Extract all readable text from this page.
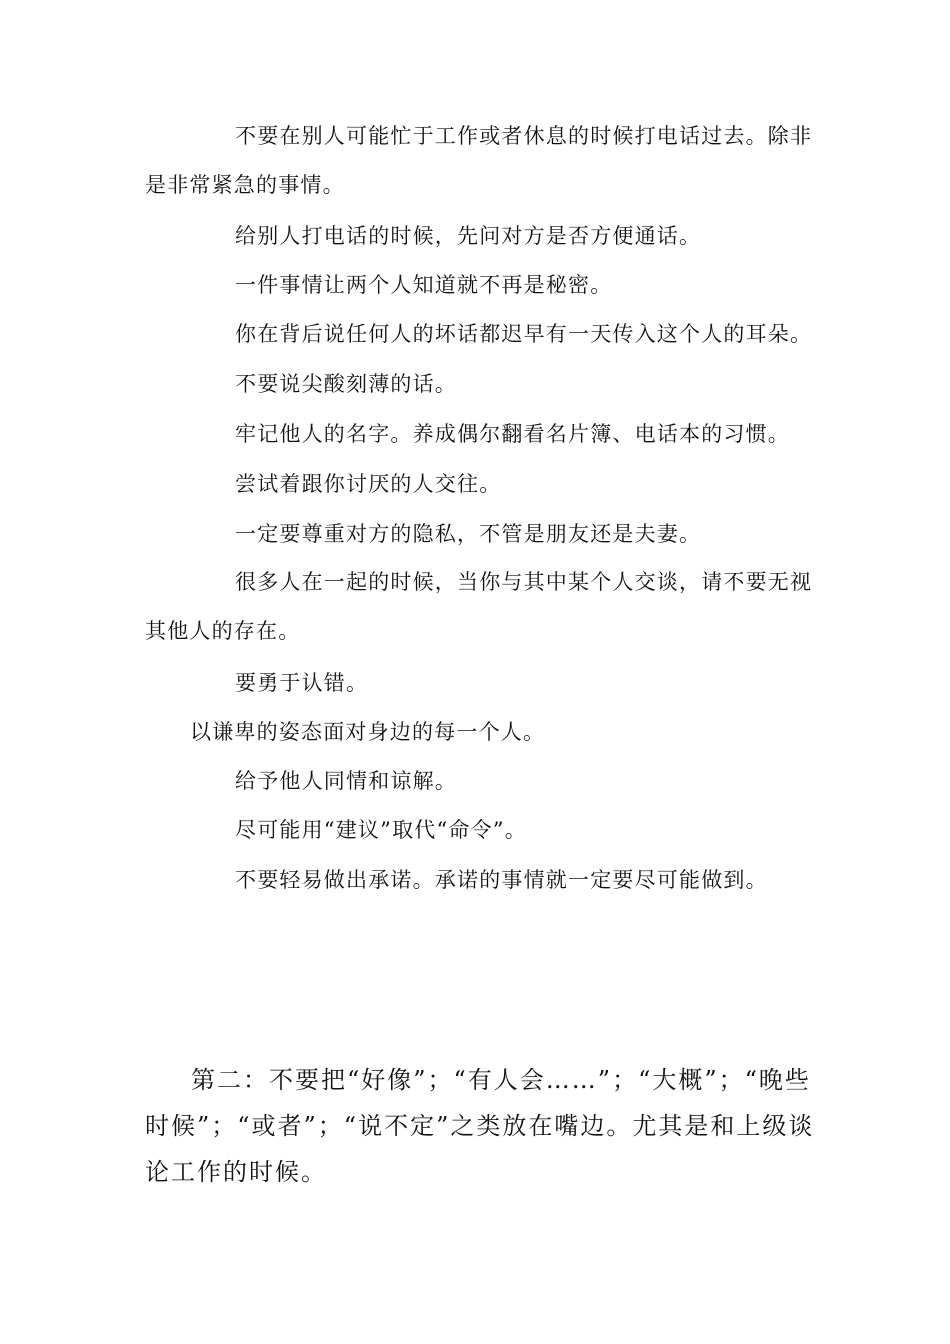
不要在别人可能忙于工作或者休息的时候打电话过去。除非是非常紧急的事情。

给别人打电话的时候，先问对方是否方便通话。

一件事情让两个人知道就不再是秘密。

你在背后说任何人的坏话都迟早有一天传入这个人的耳朵。

不要说尖酸刻薄的话。

牢记他人的名字。养成偶尔翻看名片簿、电话本的习惯。

尝试着跟你讨厌的人交往。

一定要尊重对方的隐私，不管是朋友还是夫妻。

很多人在一起的时候，当你与其中某个人交谈，请不要无视其他人的存在。

要勇于认错。

以谦卑的姿态面对身边的每一个人。

给予他人同情和谅解。

尽可能用“建议”取代“命令”。

不要轻易做出承诺。承诺的事情就一定要尽可能做到。

第二：不要把“好像”；“有人会……”；“大概”；“晚些时候”；“或者”；“说不定”之类放在嘴边。尤其是和上级谈论工作的时候。
